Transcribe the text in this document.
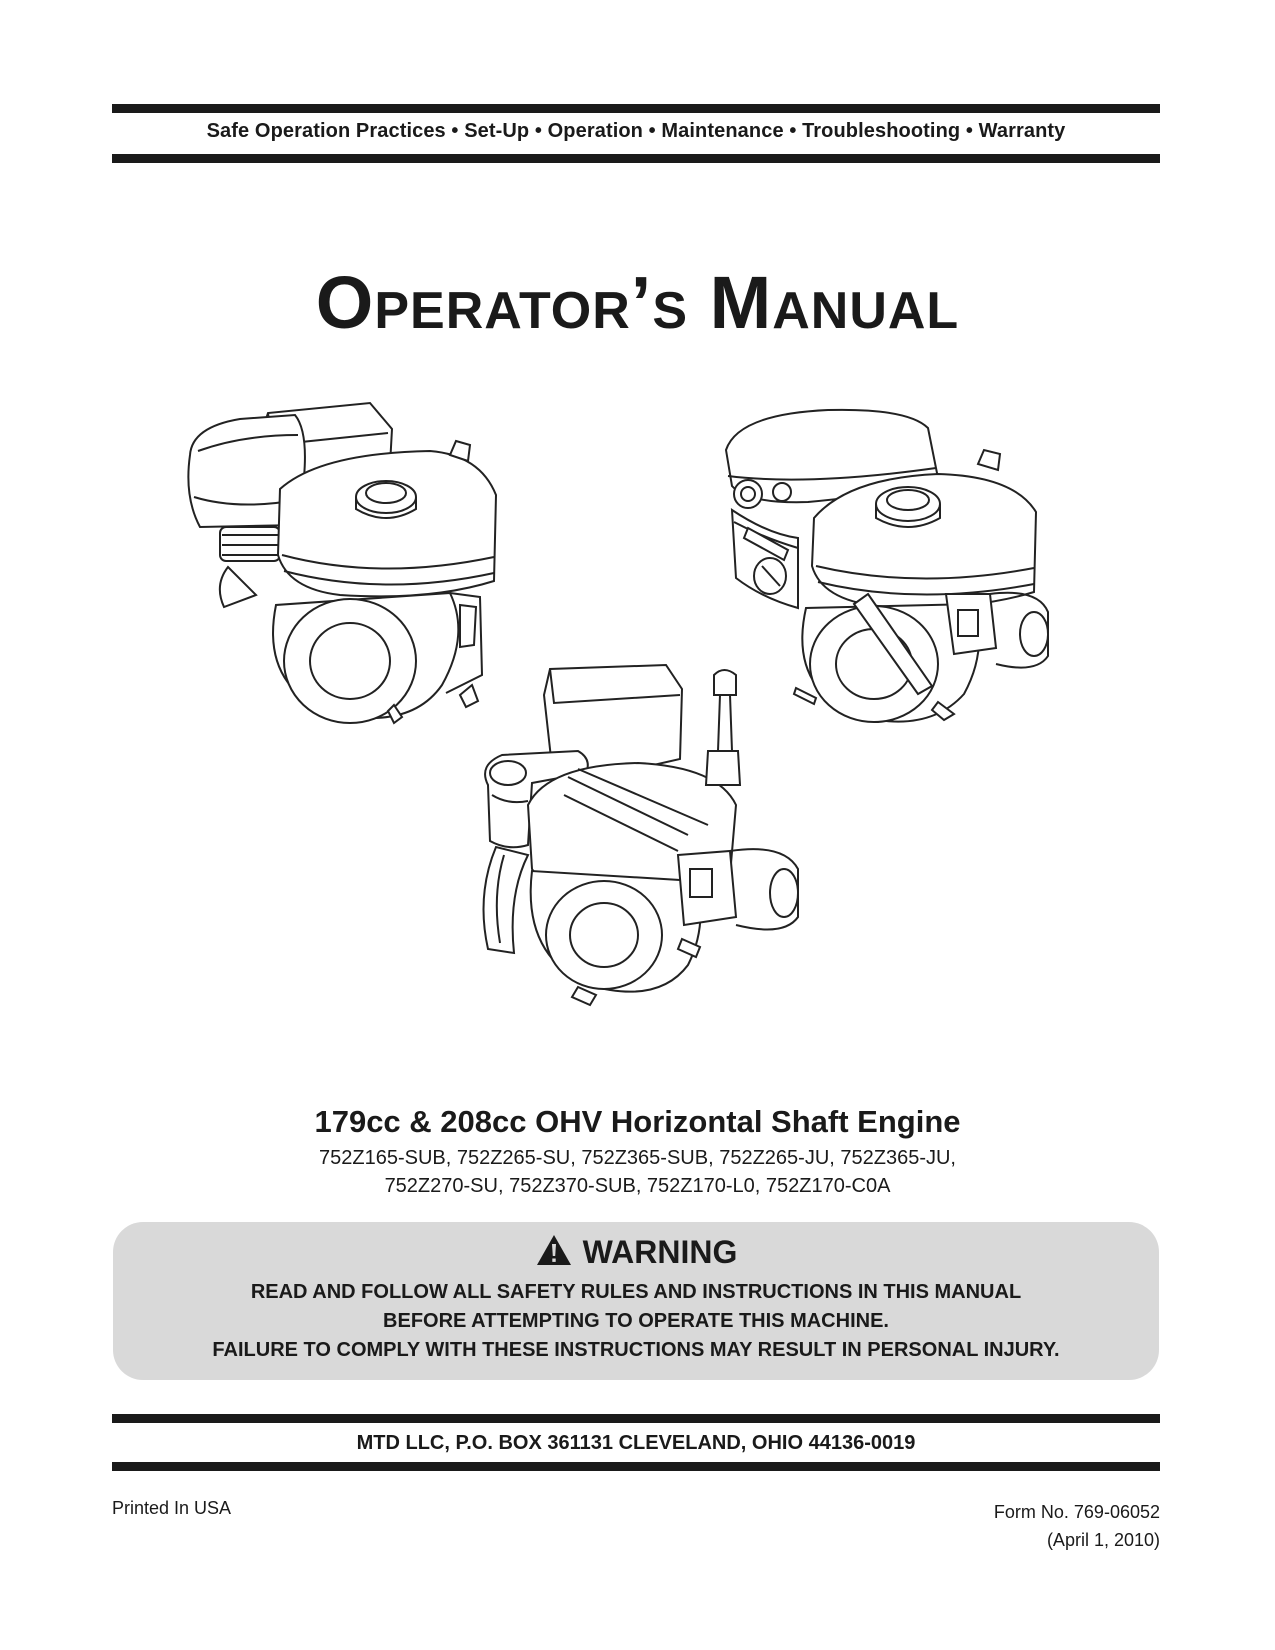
Safe Operation Practices • Set-Up • Operation • Maintenance • Troubleshooting • Warranty
Operator’s Manual
179cc & 208cc OHV Horizontal Shaft Engine
752Z165-SUB, 752Z265-SU, 752Z365-SUB, 752Z265-JU, 752Z365-JU,
752Z270-SU, 752Z370-SUB, 752Z170-L0, 752Z170-C0A
WARNING
READ AND FOLLOW ALL SAFETY RULES AND INSTRUCTIONS IN THIS MANUAL
BEFORE ATTEMPTING TO OPERATE THIS MACHINE.
FAILURE TO COMPLY WITH THESE INSTRUCTIONS MAY RESULT IN PERSONAL INJURY.
MTD LLC, P.O. BOX 361131 CLEVELAND, OHIO 44136-0019
Printed In USA	Form No. 769-06052
(April 1, 2010)
